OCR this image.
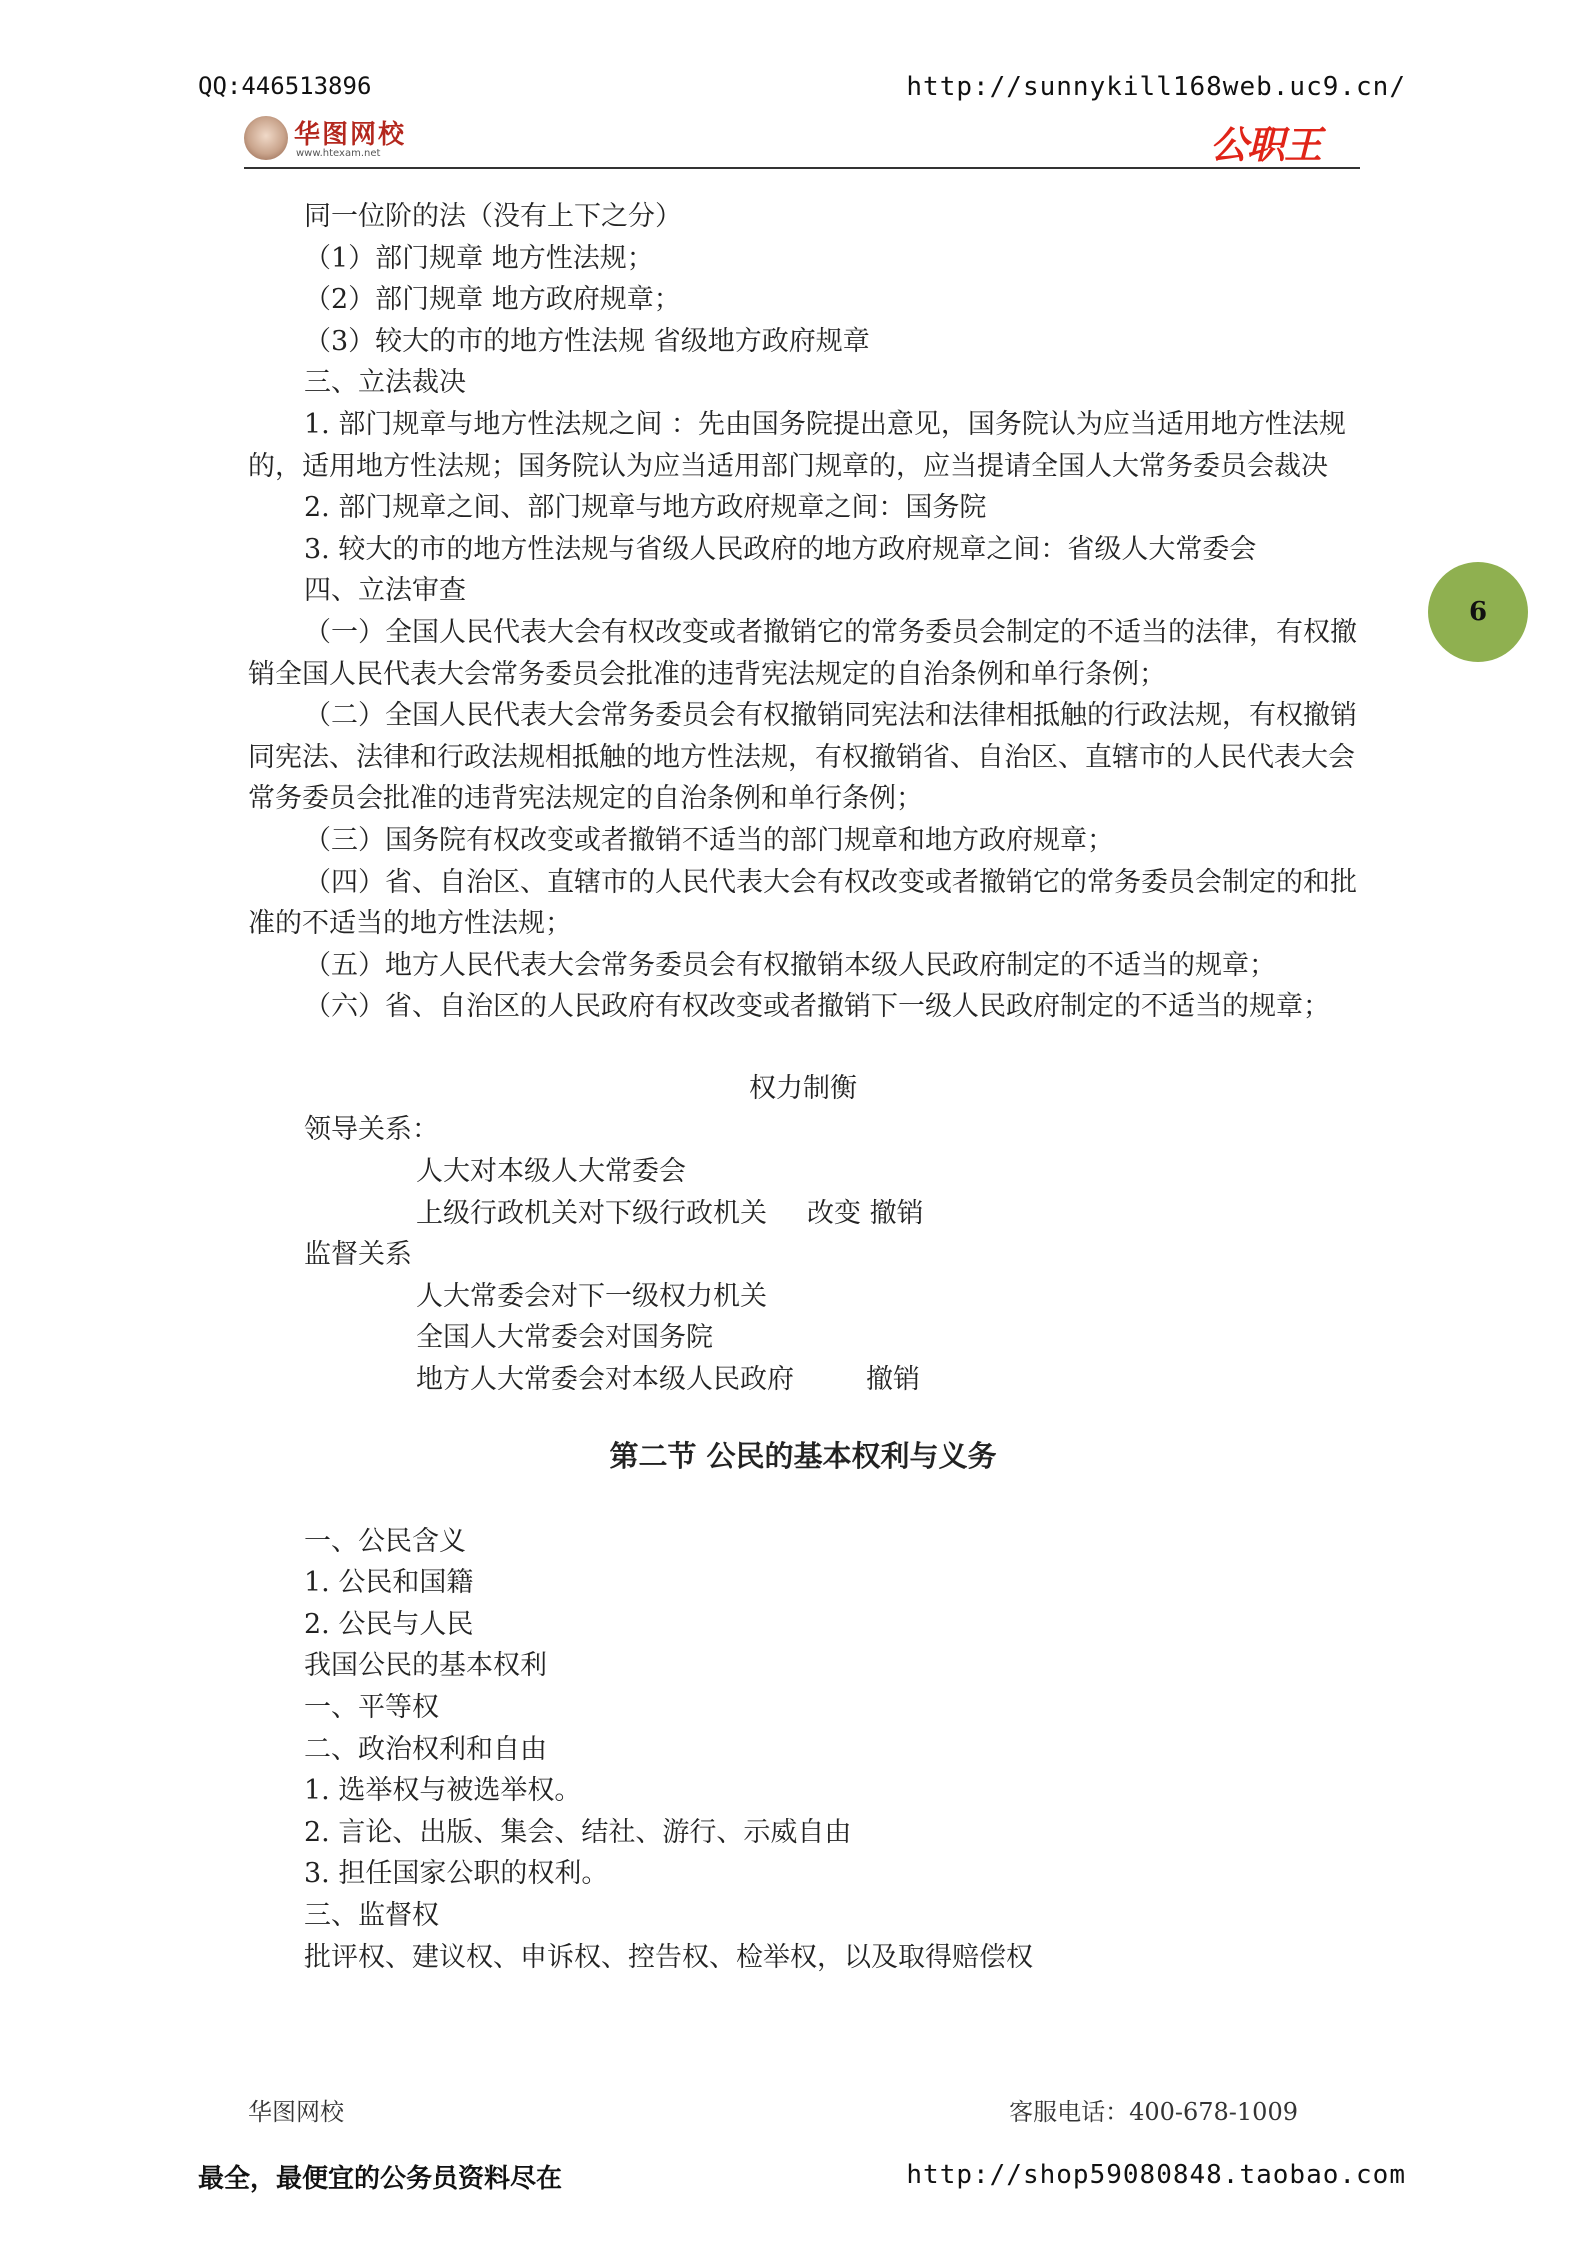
QQ:446513896	http://sunnykill168web.uc9.cn/
华图网校
www.htexam.net	公职王
6

同一位阶的法（没有上下之分）

（1）部门规章 地方性法规；

（2）部门规章 地方政府规章；

（3）较大的市的地方性法规 省级地方政府规章

三、立法裁决

1. 部门规章与地方性法规之间 ：先由国务院提出意见，国务院认为应当适用地方性法规的，适用地方性法规；国务院认为应当适用部门规章的，应当提请全国人大常务委员会裁决

2. 部门规章之间、部门规章与地方政府规章之间：国务院

3. 较大的市的地方性法规与省级人民政府的地方政府规章之间：省级人大常委会

四、立法审查

（一）全国人民代表大会有权改变或者撤销它的常务委员会制定的不适当的法律，有权撤销全国人民代表大会常务委员会批准的违背宪法规定的自治条例和单行条例；

（二）全国人民代表大会常务委员会有权撤销同宪法和法律相抵触的行政法规，有权撤销同宪法、法律和行政法规相抵触的地方性法规，有权撤销省、自治区、直辖市的人民代表大会常务委员会批准的违背宪法规定的自治条例和单行条例；

（三）国务院有权改变或者撤销不适当的部门规章和地方政府规章；

（四）省、自治区、直辖市的人民代表大会有权改变或者撤销它的常务委员会制定的和批准的不适当的地方性法规；

（五）地方人民代表大会常务委员会有权撤销本级人民政府制定的不适当的规章；

（六）省、自治区的人民政府有权改变或者撤销下一级人民政府制定的不适当的规章；

权力制衡

领导关系：

人大对本级人大常委会

上级行政机关对下级行政机关 改变 撤销

监督关系

人大常委会对下一级权力机关

全国人大常委会对国务院

地方人大常委会对本级人民政府	撤销

第二节 公民的基本权利与义务

一、公民含义

1. 公民和国籍

2. 公民与人民

我国公民的基本权利

一、平等权

二、政治权利和自由

1. 选举权与被选举权。

2. 言论、出版、集会、结社、游行、示威自由

3. 担任国家公职的权利。

三、监督权

批评权、建议权、申诉权、控告权、检举权，以及取得赔偿权

华图网校	客服电话：400-678-1009
最全，最便宜的公务员资料尽在	http://shop59080848.taobao.com
